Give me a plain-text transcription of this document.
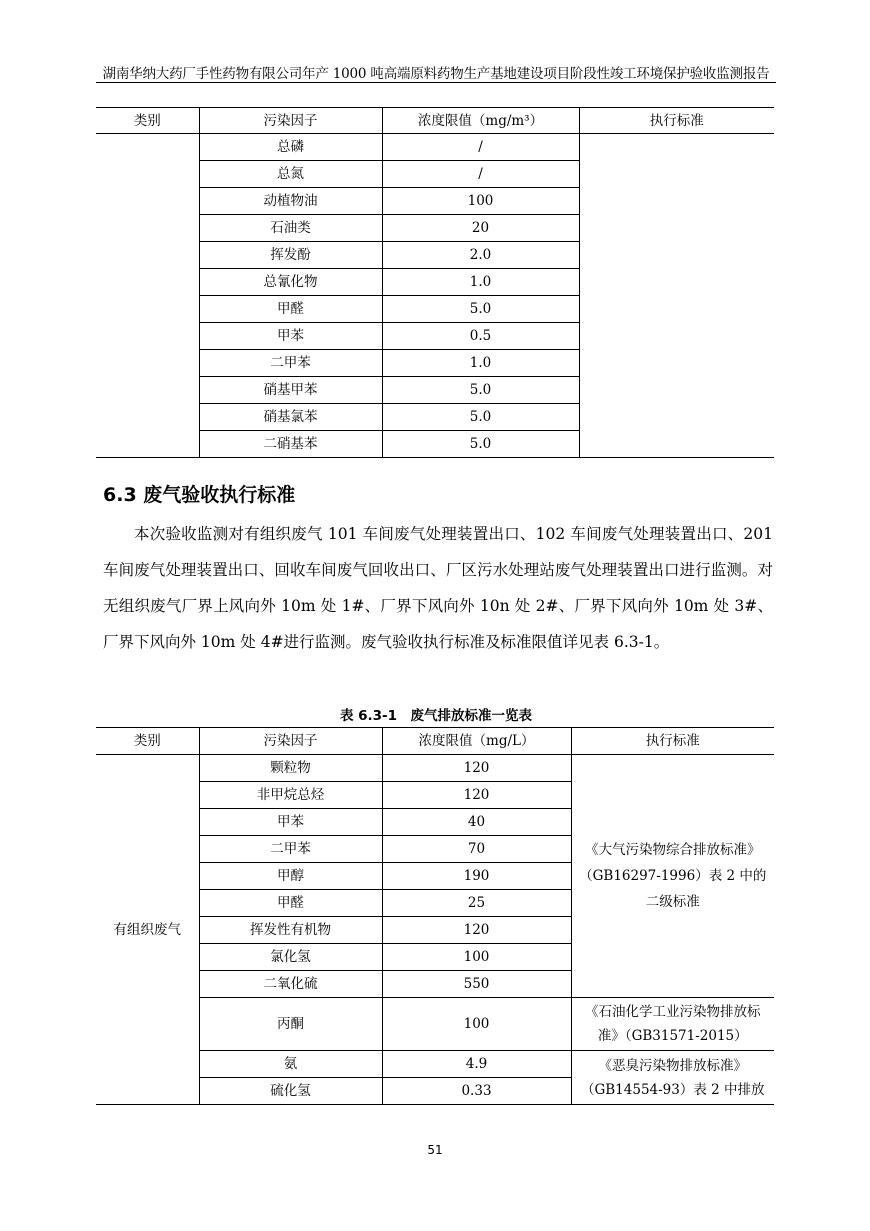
湖南华纳大药厂手性药物有限公司年产 1000 吨高端原料药物生产基地建设项目阶段性竣工环境保护验收监测报告
类别	污染因子	浓度限值（mg/m³）	执行标准
	总磷	/	
	总氮	/	
	动植物油	100	
	石油类	20	
	挥发酚	2.0	
	总氰化物	1.0	
	甲醛	5.0	
	甲苯	0.5	
	二甲苯	1.0	
	硝基甲苯	5.0	
	硝基氯苯	5.0	
	二硝基苯	5.0	
6.3 废气验收执行标准

本次验收监测对有组织废气 101 车间废气处理装置出口、102 车间废气处理装置出口、201 车间废气处理装置出口、回收车间废气回收出口、厂区污水处理站废气处理装置出口进行监测。对无组织废气厂界上风向外 10m 处 1#、厂界下风向外 10n 处 2#、厂界下风向外 10m 处 3#、厂界下风向外 10m 处 4#进行监测。废气验收执行标准及标准限值详见表 6.3-1。

表 6.3-1　废气排放标准一览表
类别	污染因子	浓度限值（mg/L）	执行标准
有组织废气	颗粒物	120	《大气污染物综合排放标准》（GB16297-1996）表 2 中的二级标准
	非甲烷总烃	120	
	甲苯	40	
	二甲苯	70	
	甲醇	190	
	甲醛	25	
	挥发性有机物	120	
	氯化氢	100	
	二氧化硫	550	
	丙酮	100	《石油化学工业污染物排放标准》（GB31571-2015）
	氨	4.9	《恶臭污染物排放标准》（GB14554-93）表 2 中排放
	硫化氢	0.33	
51
